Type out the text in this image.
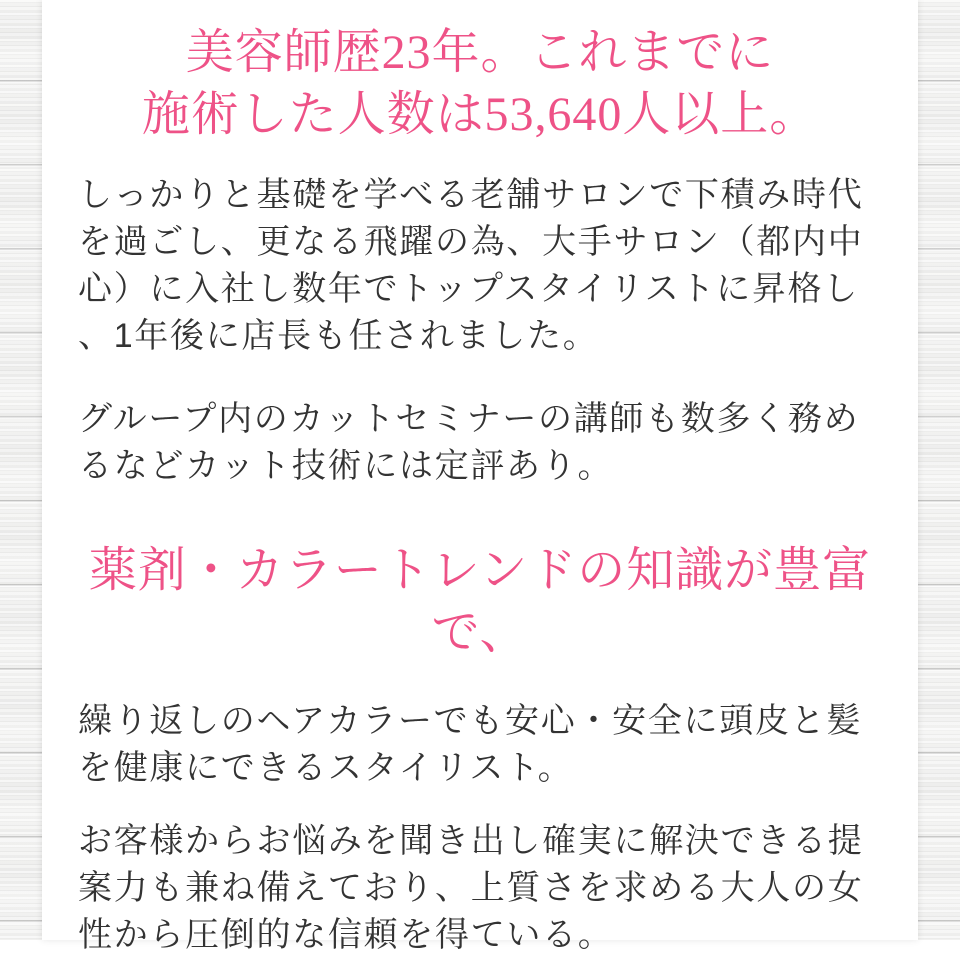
美容師歴23年。これまでに
施術した人数は53,640人以上。

しっかりと基礎を学べる老舗サロンで下積み時代を過ごし、更なる飛躍の為、大手サロン（都内中心）に入社し数年でトップスタイリストに昇格し、1年後に店長も任されました。

グループ内のカットセミナーの講師も数多く務めるなどカット技術には定評あり。

薬剤・カラートレンドの知識が豊富で、

繰り返しのヘアカラーでも安心・安全に頭皮と髪を健康にできるスタイリスト。

お客様からお悩みを聞き出し確実に解決できる提案力も兼ね備えており、上質さを求める大人の女性から圧倒的な信頼を得ている。
